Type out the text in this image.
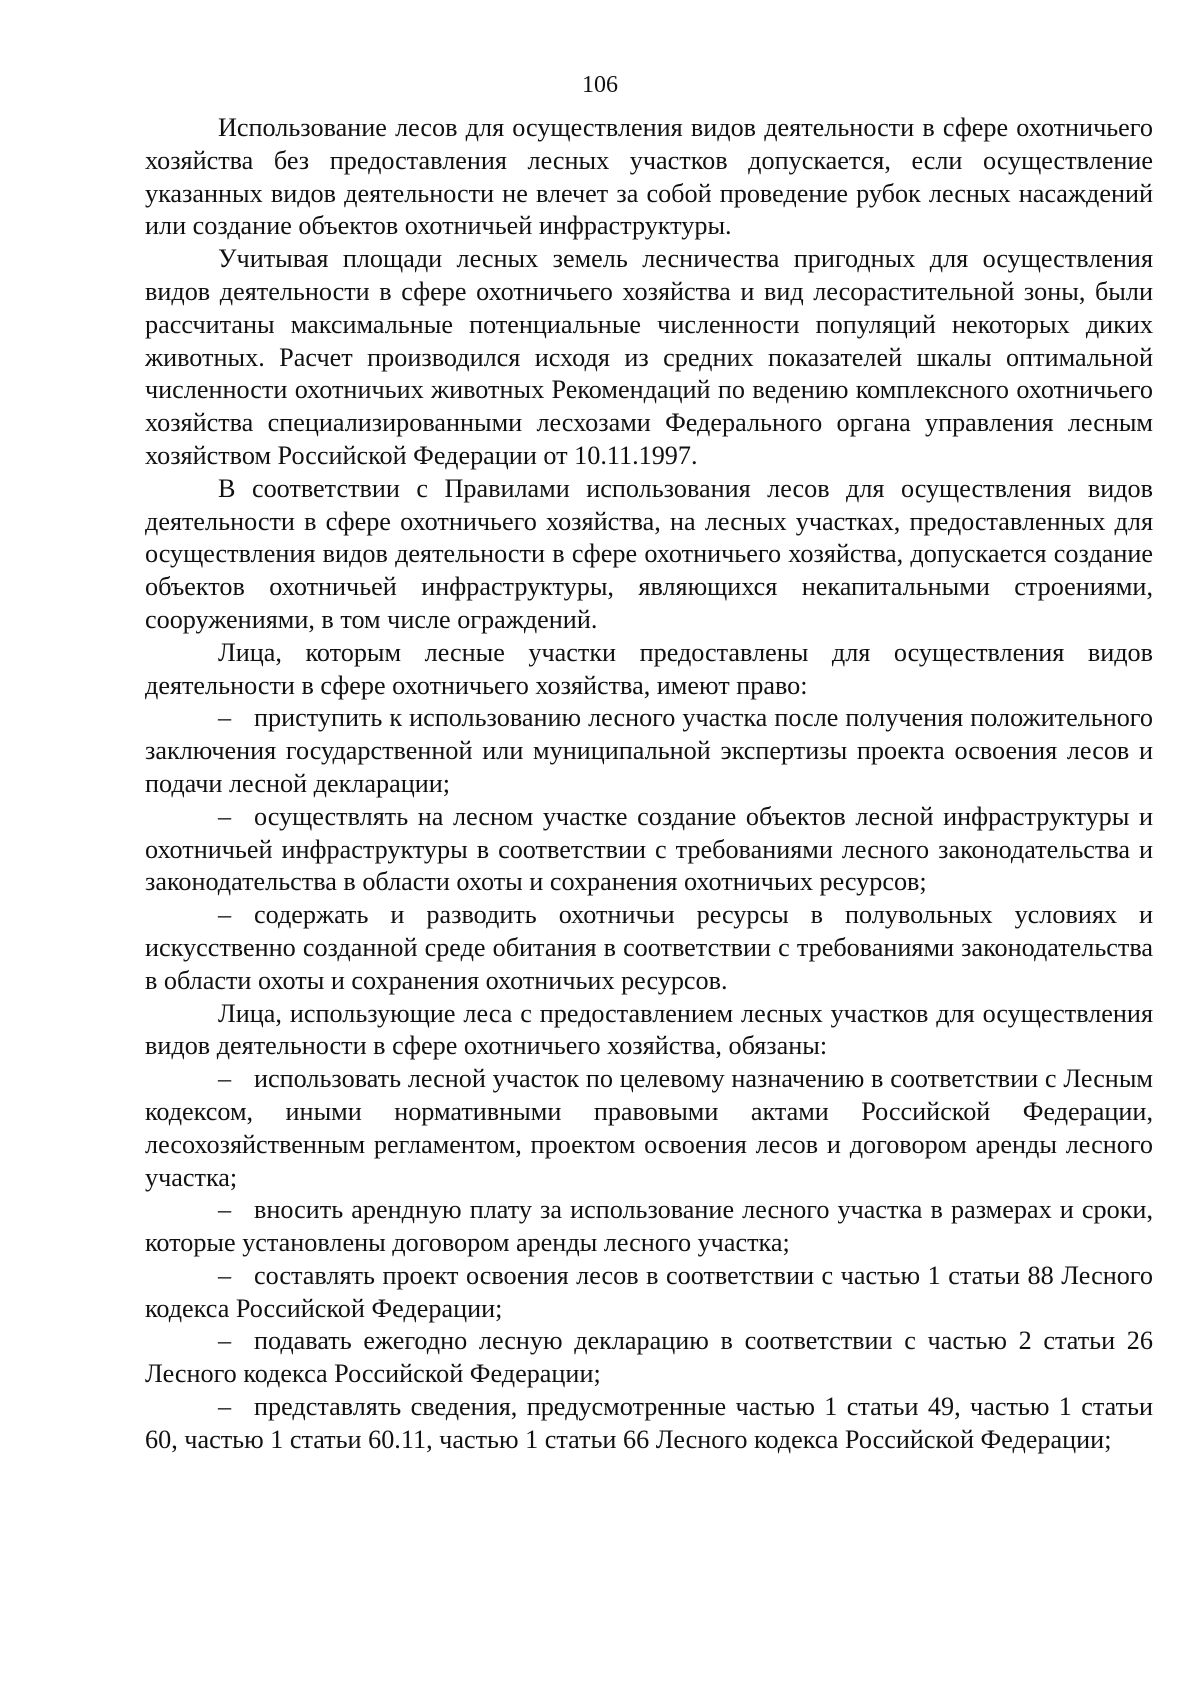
106

Использование лесов для осуществления видов деятельности в сфере охотничьего хозяйства без предоставления лесных участков допускается, если осуществление указанных видов деятельности не влечет за собой проведение рубок лесных насаждений или создание объектов охотничьей инфраструктуры.

Учитывая площади лесных земель лесничества пригодных для осуществления видов деятельности в сфере охотничьего хозяйства и вид лесорастительной зоны, были рассчитаны максимальные потенциальные численности популяций некоторых диких животных. Расчет производился исходя из средних показателей шкалы оптимальной численности охотничьих животных Рекомендаций по ведению комплексного охотничьего хозяйства специализированными лесхозами Федерального органа управления лесным хозяйством Российской Федерации от 10.11.1997.

В соответствии с Правилами использования лесов для осуществления видов деятельности в сфере охотничьего хозяйства, на лесных участках, предоставленных для осуществления видов деятельности в сфере охотничьего хозяйства, допускается создание объектов охотничьей инфраструктуры, являющихся некапитальными строениями, сооружениями, в том числе ограждений.

Лица, которым лесные участки предоставлены для осуществления видов деятельности в сфере охотничьего хозяйства, имеют право:

– приступить к использованию лесного участка после получения положительного заключения государственной или муниципальной экспертизы проекта освоения лесов и подачи лесной декларации;

– осуществлять на лесном участке создание объектов лесной инфраструктуры и охотничьей инфраструктуры в соответствии с требованиями лесного законодательства и законодательства в области охоты и сохранения охотничьих ресурсов;

– содержать и разводить охотничьи ресурсы в полувольных условиях и искусственно созданной среде обитания в соответствии с требованиями законодательства в области охоты и сохранения охотничьих ресурсов.

Лица, использующие леса с предоставлением лесных участков для осуществления видов деятельности в сфере охотничьего хозяйства, обязаны:

– использовать лесной участок по целевому назначению в соответствии с Лесным кодексом, иными нормативными правовыми актами Российской Федерации, лесохозяйственным регламентом, проектом освоения лесов и договором аренды лесного участка;

– вносить арендную плату за использование лесного участка в размерах и сроки, которые установлены договором аренды лесного участка;

– составлять проект освоения лесов в соответствии с частью 1 статьи 88 Лесного кодекса Российской Федерации;

– подавать ежегодно лесную декларацию в соответствии с частью 2 статьи 26 Лесного кодекса Российской Федерации;

– представлять сведения, предусмотренные частью 1 статьи 49, частью 1 статьи 60, частью 1 статьи 60.11, частью 1 статьи 66 Лесного кодекса Российской Федерации;
